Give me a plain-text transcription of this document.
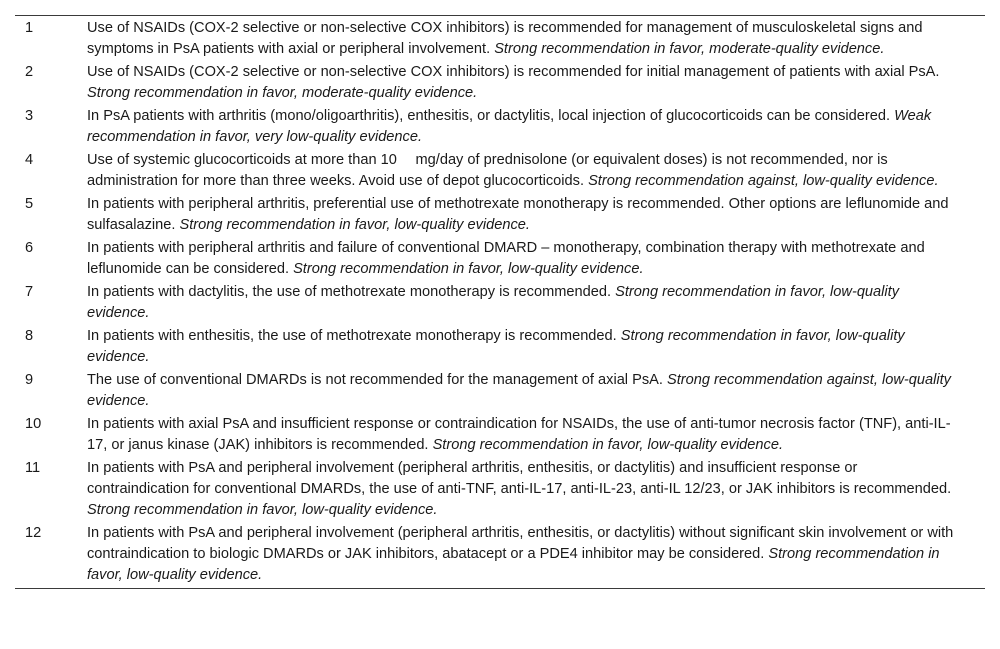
1	Use of NSAIDs (COX-2 selective or non-selective COX inhibitors) is recommended for management of musculoskeletal signs and symptoms in PsA patients with axial or peripheral involvement. Strong recommendation in favor, moderate-quality evidence.
2	Use of NSAIDs (COX-2 selective or non-selective COX inhibitors) is recommended for initial management of patients with axial PsA. Strong recommendation in favor, moderate-quality evidence.
3	In PsA patients with arthritis (mono/oligoarthritis), enthesitis, or dactylitis, local injection of glucocorticoids can be considered. Weak recommendation in favor, very low-quality evidence.
4	Use of systemic glucocorticoids at more than 10  mg/day of prednisolone (or equivalent doses) is not recommended, nor is administration for more than three weeks. Avoid use of depot glucocorticoids. Strong recommendation against, low-quality evidence.
5	In patients with peripheral arthritis, preferential use of methotrexate monotherapy is recommended. Other options are leflunomide and sulfasalazine. Strong recommendation in favor, low-quality evidence.
6	In patients with peripheral arthritis and failure of conventional DMARD – monotherapy, combination therapy with methotrexate and leflunomide can be considered. Strong recommendation in favor, low-quality evidence.
7	In patients with dactylitis, the use of methotrexate monotherapy is recommended. Strong recommendation in favor, low-quality evidence.
8	In patients with enthesitis, the use of methotrexate monotherapy is recommended. Strong recommendation in favor, low-quality evidence.
9	The use of conventional DMARDs is not recommended for the management of axial PsA. Strong recommendation against, low-quality evidence.
10	In patients with axial PsA and insufficient response or contraindication for NSAIDs, the use of anti-tumor necrosis factor (TNF), anti-IL-17, or janus kinase (JAK) inhibitors is recommended. Strong recommendation in favor, low-quality evidence.
11	In patients with PsA and peripheral involvement (peripheral arthritis, enthesitis, or dactylitis) and insufficient response or contraindication for conventional DMARDs, the use of anti-TNF, anti-IL-17, anti-IL-23, anti-IL 12/23, or JAK inhibitors is recommended. Strong recommendation in favor, low-quality evidence.
12	In patients with PsA and peripheral involvement (peripheral arthritis, enthesitis, or dactylitis) without significant skin involvement or with contraindication to biologic DMARDs or JAK inhibitors, abatacept or a PDE4 inhibitor may be considered. Strong recommendation in favor, low-quality evidence.
